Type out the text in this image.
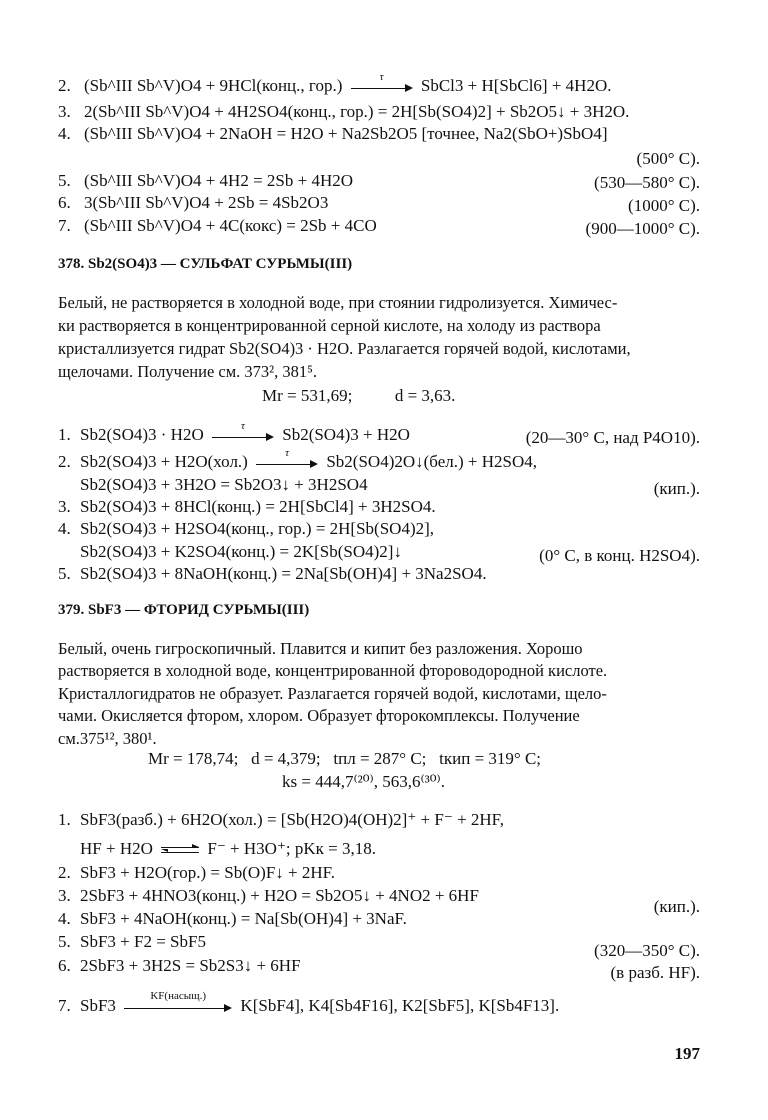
2. (Sb^III Sb^V)O4 + 9HCl(конц., гор.)	τ	SbCl3 + H[SbCl6] + 4H2O.
3. 2(Sb^III Sb^V)O4 + 4H2SO4(конц., гор.) = 2H[Sb(SO4)2] + Sb2O5↓ + 3H2O.
4. (Sb^III Sb^V)O4 + 2NaOH = H2O + Na2Sb2O5 [точнее, Na2(SbO+)SbO4]
(500° C).
5. (Sb^III Sb^V)O4 + 4H2 = 2Sb + 4H2O	(530—580° C).
6. 3(Sb^III Sb^V)O4 + 2Sb = 4Sb2O3	(1000° C).
7. (Sb^III Sb^V)O4 + 4C(кокс) = 2Sb + 4CO	(900—1000° C).
378. Sb2(SO4)3 — СУЛЬФАТ СУРЬМЫ(III)
Белый, не растворяется в холодной воде, при стоянии гидролизуется. Химичес-
ки растворяется в концентрированной серной кислоте, на холоду из раствора
кристаллизуется гидрат Sb2(SO4)3 · H2O. Разлагается горячей водой, кислотами,
щелочами. Получение см. 373², 381⁵.
Mr = 531,69;          d = 3,63.
1. Sb2(SO4)3 · H2O	τ	Sb2(SO4)3 + H2O	(20—30° C, над P4O10).
2. Sb2(SO4)3 + H2O(хол.)	τ	Sb2(SO4)2O↓(бел.) + H2SO4,
Sb2(SO4)3 + 3H2O = Sb2O3↓ + 3H2SO4	(кип.).
3. Sb2(SO4)3 + 8HCl(конц.) = 2H[SbCl4] + 3H2SO4.
4. Sb2(SO4)3 + H2SO4(конц., гор.) = 2H[Sb(SO4)2],
Sb2(SO4)3 + K2SO4(конц.) = 2K[Sb(SO4)2]↓	(0° C, в конц. H2SO4).
5. Sb2(SO4)3 + 8NaOH(конц.) = 2Na[Sb(OH)4] + 3Na2SO4.
379. SbF3 — ФТОРИД СУРЬМЫ(III)
Белый, очень гигроскопичный. Плавится и кипит без разложения. Хорошо
растворяется в холодной воде, концентрированной фтороводородной кислоте.
Кристаллогидратов не образует. Разлагается горячей водой, кислотами, щело-
чами. Окисляется фтором, хлором. Образует фторокомплексы. Получение
см.375¹², 380¹.
Mr = 178,74;   d = 4,379;   tпл = 287° C;   tкип = 319° C;
ks = 444,7⁽²⁰⁾, 563,6⁽³⁰⁾.
1. SbF3(разб.) + 6H2O(хол.) = [Sb(H2O)4(OH)2]⁺ + F⁻ + 2HF,
HF + H2O	F⁻ + H3O⁺; pKк = 3,18.
2. SbF3 + H2O(гор.) = Sb(O)F↓ + 2HF.
3. 2SbF3 + 4HNO3(конц.) + H2O = Sb2O5↓ + 4NO2 + 6HF
(кип.).
4. SbF3 + 4NaOH(конц.) = Na[Sb(OH)4] + 3NaF.
5. SbF3 + F2 = SbF5	(320—350° C).
6. 2SbF3 + 3H2S = Sb2S3↓ + 6HF	(в разб. HF).
7. SbF3	KF(насыщ.)	K[SbF4], K4[Sb4F16], K2[SbF5], K[Sb4F13].
197
